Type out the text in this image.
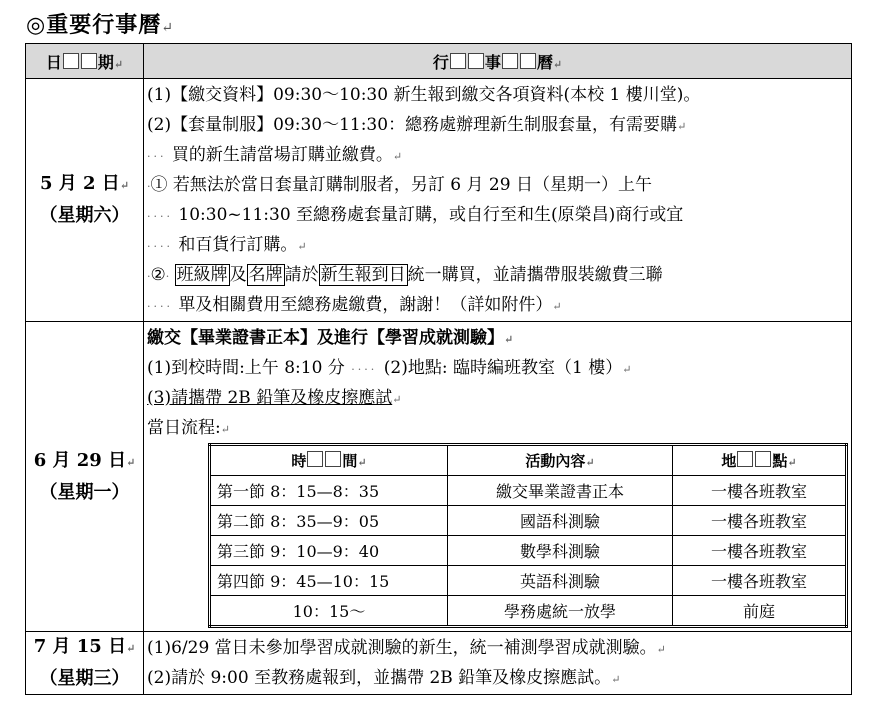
◎重要行事曆↵
日 期↵	行 事 曆↵

5 月 2 日↵
（星期六）

(1)【繳交資料】09:30～10:30 新生報到繳交各項資料(本校 1 樓川堂)。
(2)【套量制服】09:30～11:30：總務處辦理新生制服套量，有需要購↵
··· 買的新生請當場訂購並繳費。↵
·① 若無法於當日套量訂購制服者，另訂 6 月 29 日（星期一）上午
···· 10:30~11:30 至總務處套量訂購，或自行至和生(原榮昌)商行或宜
···· 和百貨行訂購。↵
·②· 班級牌 及 名牌 請於 新生報到日 統一購買，並請攜帶服裝繳費三聯
···· 單及相關費用至總務處繳費，謝謝！（詳如附件）↵

6 月 29 日↵
（星期一）

繳交【畢業證書正本】及進行【學習成就測驗】↵
(1)到校時間:上午 8:10 分 ···· (2)地點: 臨時編班教室（1 樓）↵
(3)請攜帶 2B 鉛筆及橡皮擦應試↵
當日流程:↵
時 間↵	活動內容↵	地 點↵
第一節 8：15—8：35	繳交畢業證書正本	一樓各班教室
第二節 8：35—9：05	國語科測驗	一樓各班教室
第三節 9：10—9：40	數學科測驗	一樓各班教室
第四節 9：45—10：15	英語科測驗	一樓各班教室
10：15～	學務處統一放學	前庭

7 月 15 日↵
（星期三）

(1)6/29 當日未參加學習成就測驗的新生，統一補測學習成就測驗。↵
(2)請於 9:00 至教務處報到，並攜帶 2B 鉛筆及橡皮擦應試。↵
